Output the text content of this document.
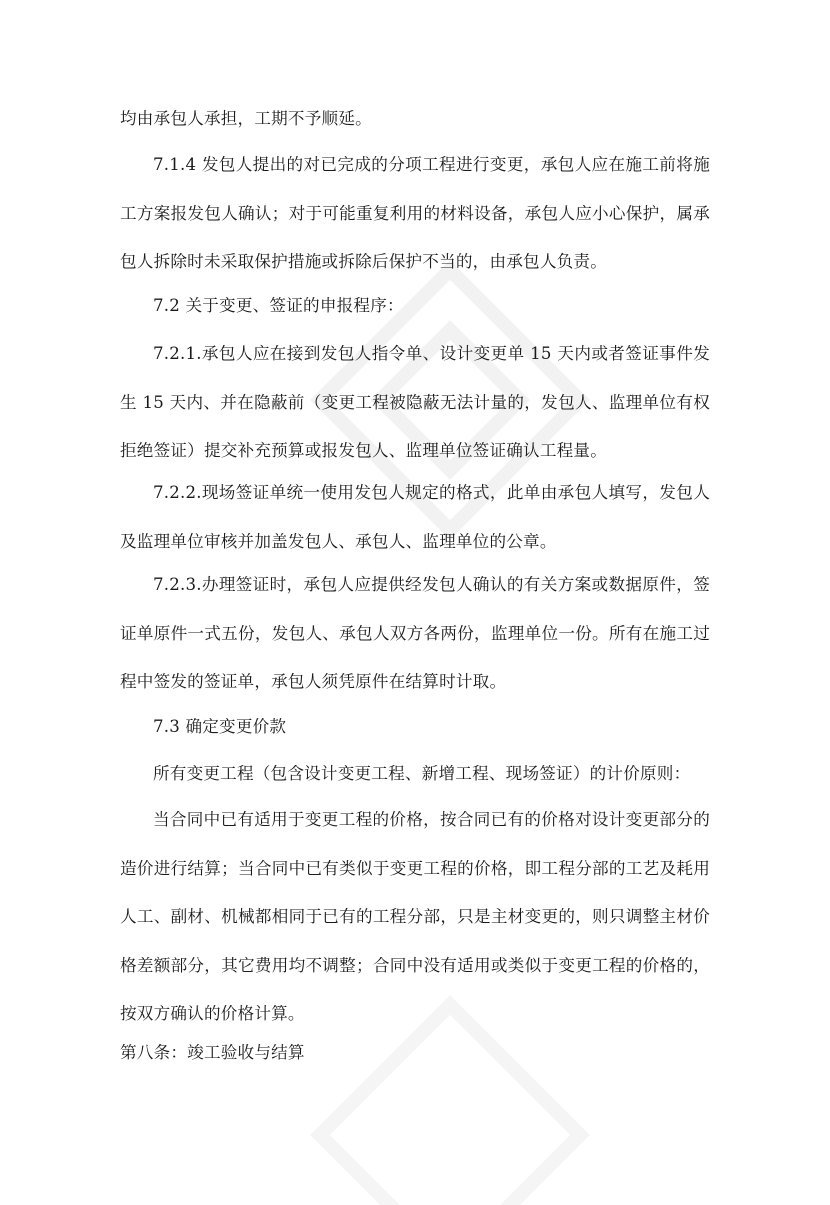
均由承包人承担，工期不予顺延。
7.1.4 发包人提出的对已完成的分项工程进行变更，承包人应在施工前将施工方案报发包人确认；对于可能重复利用的材料设备，承包人应小心保护，属承包人拆除时未采取保护措施或拆除后保护不当的，由承包人负责。
7.2 关于变更、签证的申报程序：
7.2.1.承包人应在接到发包人指令单、设计变更单 15 天内或者签证事件发生 15 天内、并在隐蔽前（变更工程被隐蔽无法计量的，发包人、监理单位有权拒绝签证）提交补充预算或报发包人、监理单位签证确认工程量。
7.2.2.现场签证单统一使用发包人规定的格式，此单由承包人填写，发包人及监理单位审核并加盖发包人、承包人、监理单位的公章。
7.2.3.办理签证时，承包人应提供经发包人确认的有关方案或数据原件，签证单原件一式五份，发包人、承包人双方各两份，监理单位一份。所有在施工过程中签发的签证单，承包人须凭原件在结算时计取。
7.3 确定变更价款
所有变更工程（包含设计变更工程、新增工程、现场签证）的计价原则：
当合同中已有适用于变更工程的价格，按合同已有的价格对设计变更部分的造价进行结算；当合同中已有类似于变更工程的价格，即工程分部的工艺及耗用人工、副材、机械都相同于已有的工程分部，只是主材变更的，则只调整主材价格差额部分，其它费用均不调整；合同中没有适用或类似于变更工程的价格的，按双方确认的价格计算。
第八条：竣工验收与结算
